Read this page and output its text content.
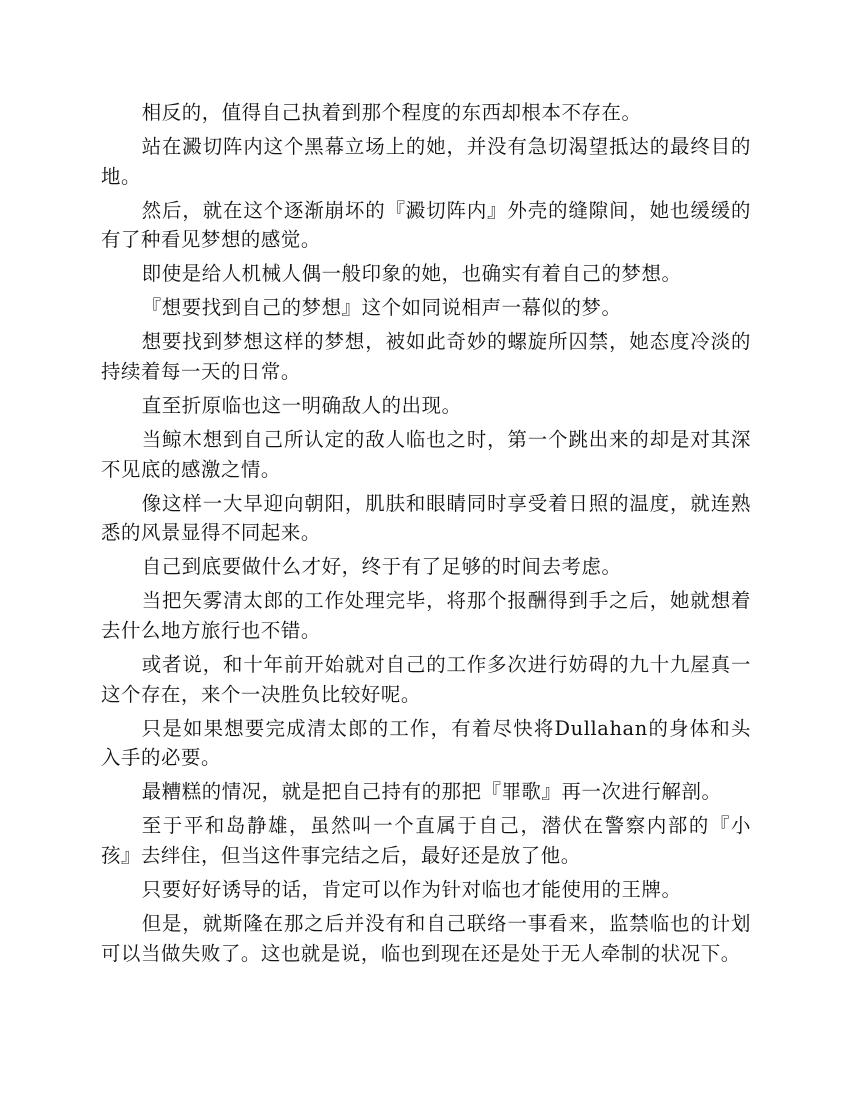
相反的，值得自己执着到那个程度的东西却根本不存在。

站在澱切阵内这个黑幕立场上的她，并没有急切渴望抵达的最终目的地。

然后，就在这个逐渐崩坏的『澱切阵内』外壳的缝隙间，她也缓缓的有了种看见梦想的感觉。

即使是给人机械人偶一般印象的她，也确实有着自己的梦想。

『想要找到自己的梦想』这个如同说相声一幕似的梦。

想要找到梦想这样的梦想，被如此奇妙的螺旋所囚禁，她态度冷淡的持续着每一天的日常。

直至折原临也这一明确敌人的出现。

当鲸木想到自己所认定的敌人临也之时，第一个跳出来的却是对其深不见底的感激之情。

像这样一大早迎向朝阳，肌肤和眼睛同时享受着日照的温度，就连熟悉的风景显得不同起来。

自己到底要做什么才好，终于有了足够的时间去考虑。

当把矢雾清太郎的工作处理完毕，将那个报酬得到手之后，她就想着去什么地方旅行也不错。

或者说，和十年前开始就对自己的工作多次进行妨碍的九十九屋真一这个存在，来个一决胜负比较好呢。

只是如果想要完成清太郎的工作，有着尽快将Dullahan的身体和头入手的必要。

最糟糕的情况，就是把自己持有的那把『罪歌』再一次进行解剖。

至于平和岛静雄，虽然叫一个直属于自己，潜伏在警察内部的『小孩』去绊住，但当这件事完结之后，最好还是放了他。

只要好好诱导的话，肯定可以作为针对临也才能使用的王牌。

但是，就斯隆在那之后并没有和自己联络一事看来，监禁临也的计划可以当做失败了。这也就是说，临也到现在还是处于无人牵制的状况下。
